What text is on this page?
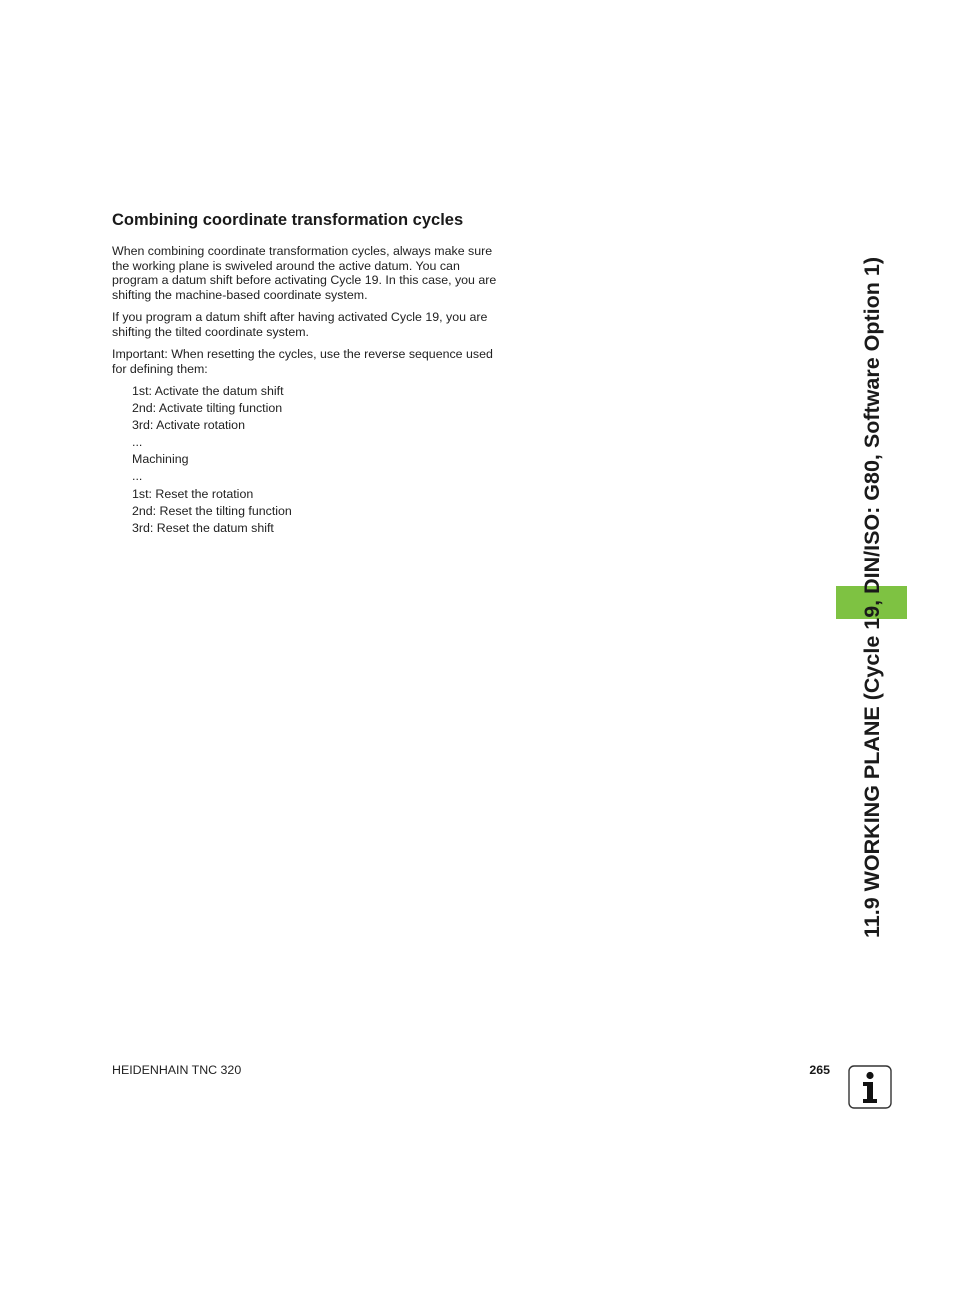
Combining coordinate transformation cycles

When combining coordinate transformation cycles, always make sure
the working plane is swiveled around the active datum. You can
program a datum shift before activating Cycle 19. In this case, you are
shifting the machine-based coordinate system.

If you program a datum shift after having activated Cycle 19, you are
shifting the tilted coordinate system.

Important: When resetting the cycles, use the reverse sequence used
for defining them:

1st: Activate the datum shift
2nd: Activate tilting function
3rd: Activate rotation
...
Machining
...
1st: Reset the rotation
2nd: Reset the tilting function
3rd: Reset the datum shift	11.9 WORKING PLANE (Cycle 19, DIN/ISO: G80, Software Option 1)
HEIDENHAIN TNC 320	265
